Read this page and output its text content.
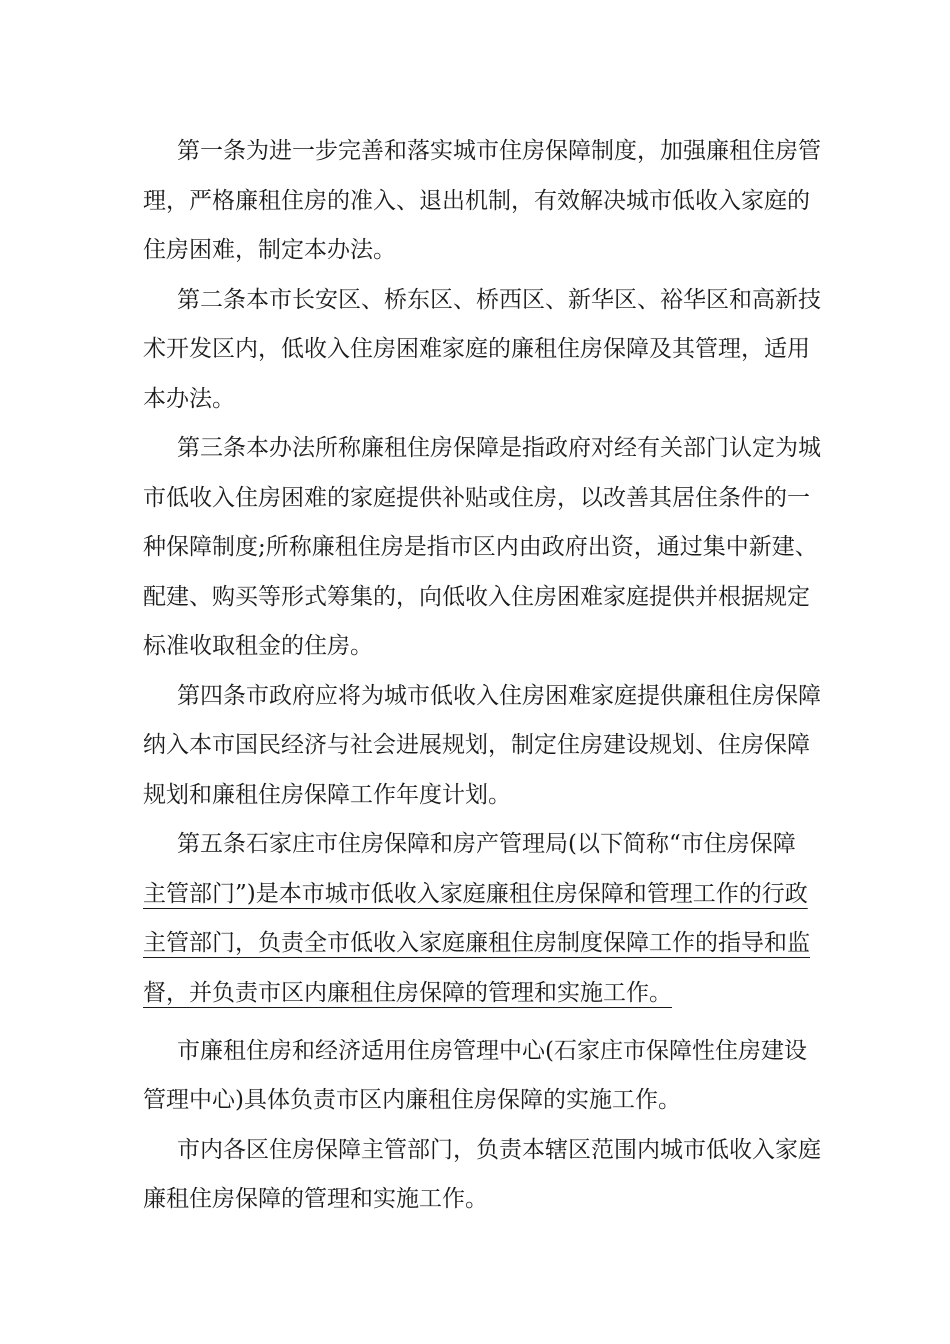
第一条为进一步完善和落实城市住房保障制度，加强廉租住房管
理，严格廉租住房的准入、退出机制，有效解决城市低收入家庭的
住房困难，制定本办法。
第二条本市长安区、桥东区、桥西区、新华区、裕华区和高新技
术开发区内，低收入住房困难家庭的廉租住房保障及其管理，适用
本办法。
第三条本办法所称廉租住房保障是指政府对经有关部门认定为城
市低收入住房困难的家庭提供补贴或住房，以改善其居住条件的一
种保障制度;所称廉租住房是指市区内由政府出资，通过集中新建、
配建、购买等形式筹集的，向低收入住房困难家庭提供并根据规定
标准收取租金的住房。
第四条市政府应将为城市低收入住房困难家庭提供廉租住房保障
纳入本市国民经济与社会进展规划，制定住房建设规划、住房保障
规划和廉租住房保障工作年度计划。
第五条石家庄市住房保障和房产管理局(以下简称“市住房保障
主管部门”)是本市城市低收入家庭廉租住房保障和管理工作的行政
主管部门，负责全市低收入家庭廉租住房制度保障工作的指导和监
督，并负责市区内廉租住房保障的管理和实施工作。
市廉租住房和经济适用住房管理中心(石家庄市保障性住房建设
管理中心)具体负责市区内廉租住房保障的实施工作。
市内各区住房保障主管部门，负责本辖区范围内城市低收入家庭
廉租住房保障的管理和实施工作。
